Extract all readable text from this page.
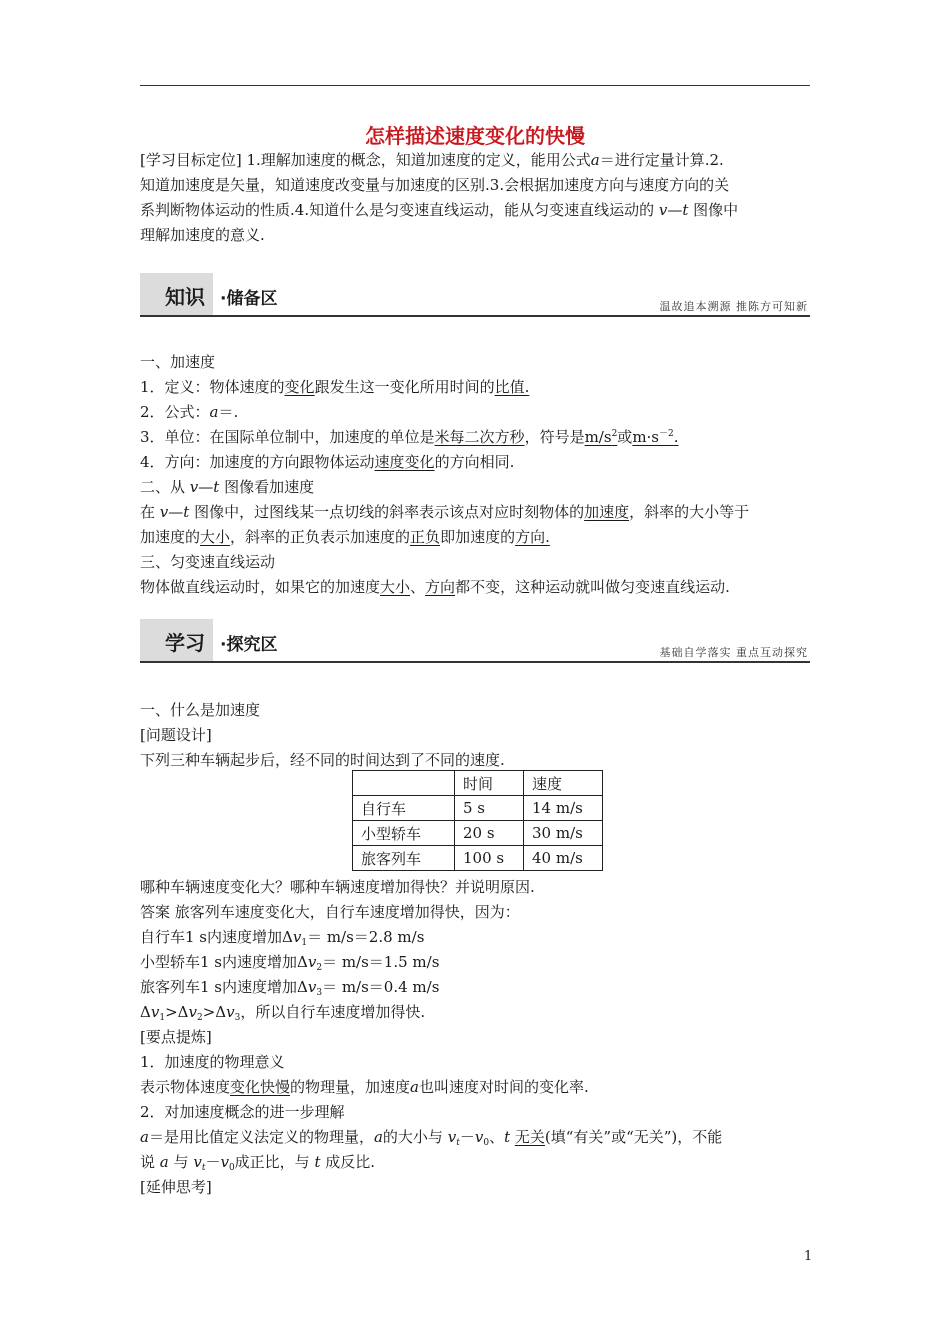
怎样描述速度变化的快慢
[学习目标定位] 1.理解加速度的概念，知道加速度的定义，能用公式a＝进行定量计算.2.
知道加速度是矢量，知道速度改变量与加速度的区别.3.会根据加速度方向与速度方向的关
系判断物体运动的性质.4.知道什么是匀变速直线运动，能从匀变速直线运动的 v—t 图像中
理解加速度的意义.
知识 ·储备区	温故追本溯源 推陈方可知新
一、加速度
1．定义：物体速度的变化跟发生这一变化所用时间的比值.
2．公式：a＝.
3．单位：在国际单位制中，加速度的单位是米每二次方秒，符号是$m/s^2$或$m\cdot s^{-2}$.
4．方向：加速度的方向跟物体运动速度变化的方向相同.
二、从 v—t 图像看加速度
在 v—t 图像中，过图线某一点切线的斜率表示该点对应时刻物体的加速度，斜率的大小等于
加速度的大小，斜率的正负表示加速度的正负即加速度的方向.
三、匀变速直线运动
物体做直线运动时，如果它的加速度大小、方向都不变，这种运动就叫做匀变速直线运动.
学习 ·探究区	基础自学落实 重点互动探究
一、什么是加速度
[问题设计]
下列三种车辆起步后，经不同的时间达到了不同的速度.
	时间	速度
自行车	5 s	14 m/s
小型轿车	20 s	30 m/s
旅客列车	100 s	40 m/s
哪种车辆速度变化大？哪种车辆速度增加得快？并说明原因.
答案 旅客列车速度变化大，自行车速度增加得快，因为：
自行车1 s内速度增加$\Delta v_1= m/s=2.8$ m/s
小型轿车1 s内速度增加$\Delta v_2= m/s=1.5$ m/s
旅客列车1 s内速度增加$\Delta v_3= m/s=0.4$ m/s
$\Delta v_1>\Delta v_2>\Delta v_3$，所以自行车速度增加得快.
[要点提炼]
1．加速度的物理意义
表示物体速度变化快慢的物理量，加速度a也叫速度对时间的变化率.
2．对加速度概念的进一步理解
a＝是用比值定义法定义的物理量，a的大小与 $v_t-v_0$、t 无关(填“有关”或“无关”)，不能
说 a 与 $v_t-v_0$成正比，与 t 成反比.
[延伸思考]
1
